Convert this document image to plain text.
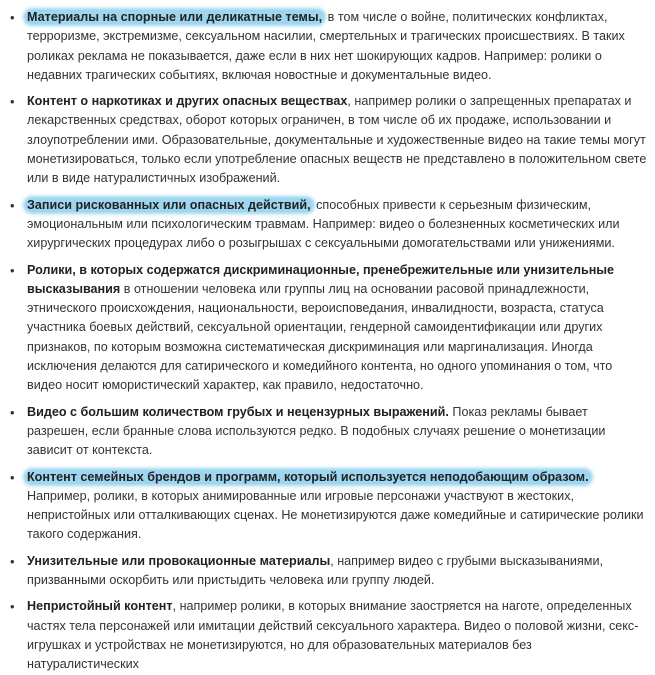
• Материалы на спорные или деликатные темы, в том числе о войне, политических конфликтах, терроризме, экстремизме, сексуальном насилии, смертельных и трагических происшествиях. В таких роликах реклама не показывается, даже если в них нет шокирующих кадров. Например: ролики о недавних трагических событиях, включая новостные и документальные видео.
• Контент о наркотиках и других опасных веществах, например ролики о запрещенных препаратах и лекарственных средствах, оборот которых ограничен, в том числе об их продаже, использовании и злоупотреблении ими. Образовательные, документальные и художественные видео на такие темы могут монетизироваться, только если употребление опасных веществ не представлено в положительном свете или в виде натуралистичных изображений.
• Записи рискованных или опасных действий, способных привести к серьезным физическим, эмоциональным или психологическим травмам. Например: видео о болезненных косметических или хирургических процедурах либо о розыгрышах с сексуальными домогательствами или унижениями.
• Ролики, в которых содержатся дискриминационные, пренебрежительные или унизительные высказывания в отношении человека или группы лиц на основании расовой принадлежности, этнического происхождения, национальности, вероисповедания, инвалидности, возраста, статуса участника боевых действий, сексуальной ориентации, гендерной самоидентификации или других признаков, по которым возможна систематическая дискриминация или маргинализация. Иногда исключения делаются для сатирического и комедийного контента, но одного упоминания о том, что видео носит юмористический характер, как правило, недостаточно.
• Видео с большим количеством грубых и нецензурных выражений. Показ рекламы бывает разрешен, если бранные слова используются редко. В подобных случаях решение о монетизации зависит от контекста.
• Контент семейных брендов и программ, который используется неподобающим образом. Например, ролики, в которых анимированные или игровые персонажи участвуют в жестоких, непристойных или отталкивающих сценах. Не монетизируются даже комедийные и сатирические ролики такого содержания.
• Унизительные или провокационные материалы, например видео с грубыми высказываниями, призванными оскорбить или пристыдить человека или группу людей.
• Непристойный контент, например ролики, в которых внимание заостряется на наготе, определенных частях тела персонажей или имитации действий сексуального характера. Видео о половой жизни, секс-игрушках и устройствах не монетизируются, но для образовательных материалов без натуралистических
